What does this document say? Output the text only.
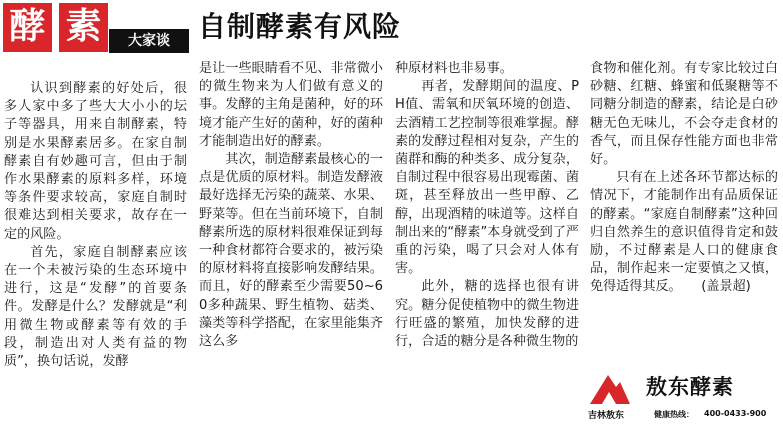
酵 素	大家谈	自制酵素有风险

认识到酵素的好处后，很多人家中多了些大大小小的坛子等器具，用来自制酵素，特别是水果酵素居多。在家自制酵素自有妙趣可言，但由于制作水果酵素的原料多样，环境等条件要求较高，家庭自制时很难达到相关要求，故存在一定的风险。

首先，家庭自制酵素应该在一个未被污染的生态环境中进行，这是“发酵”的首要条件。发酵是什么？发酵就是“利用微生物或酵素等有效的手段，制造出对人类有益的物质”，换句话说，发酵

是让一些眼睛看不见、非常微小的微生物来为人们做有意义的事。发酵的主角是菌种，好的环境才能产生好的菌种，好的菌种才能制造出好的酵素。

其次，制造酵素最核心的一点是优质的原材料。制造发酵液最好选择无污染的蔬菜、水果、野菜等。但在当前环境下，自制酵素所选的原材料很难保证到每一种食材都符合要求的，被污染的原材料将直接影响发酵结果。而且，好的酵素至少需要50~60多种蔬果、野生植物、菇类、藻类等科学搭配，在家里能集齐这么多

种原材料也非易事。

再者，发酵期间的温度、PH值、需氧和厌氧环境的创造、去酒精工艺控制等很难掌握。酵素的发酵过程相对复杂，产生的菌群和酶的种类多、成分复杂，自制过程中很容易出现霉菌、菌斑，甚至释放出一些甲醇、乙醇，出现酒精的味道等。这样自制出来的“酵素”本身就受到了严重的污染，喝了只会对人体有害。

此外，糖的选择也很有讲究。糖分促使植物中的微生物进行旺盛的繁殖，加快发酵的进行，合适的糖分是各种微生物的

食物和催化剂。有专家比较过白砂糖、红糖、蜂蜜和低聚糖等不同糖分制造的酵素，结论是白砂糖无色无味儿，不会夺走食材的香气，而且保存性能方面也非常好。

只有在上述各环节都达标的情况下，才能制作出有品质保证的酵素。“家庭自制酵素”这种回归自然养生的意识值得肯定和鼓励，不过酵素是人口的健康食品，制作起来一定要慎之又慎，免得适得其反。　　(盖景超)

敖东酵素
吉林敖东	健康热线： 400-0433-900
